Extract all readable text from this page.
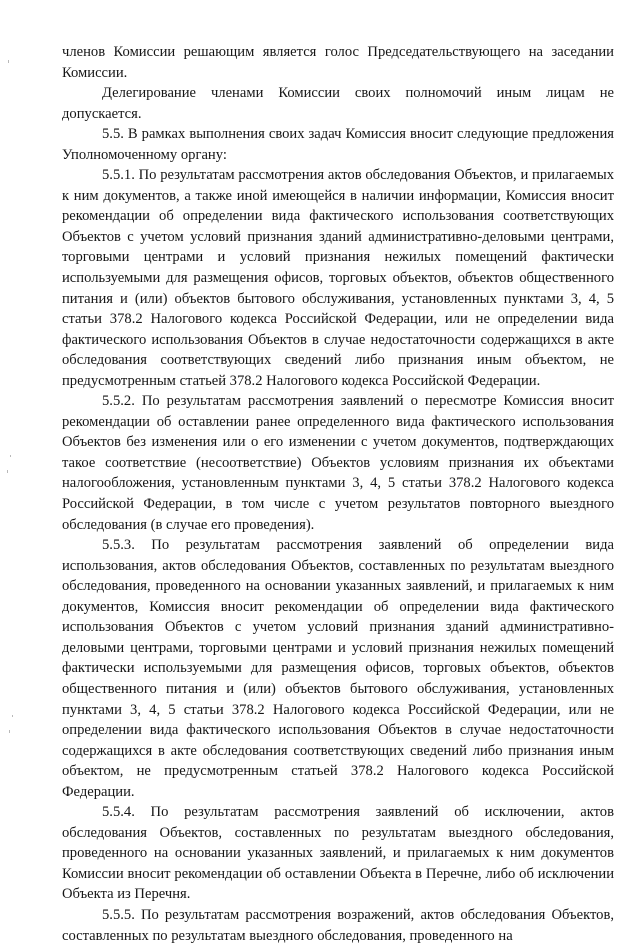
членов Комиссии решающим является голос Председательствующего на заседании Комиссии.

Делегирование членами Комиссии своих полномочий иным лицам не допускается.

5.5. В рамках выполнения своих задач Комиссия вносит следующие предложения Уполномоченному органу:

5.5.1. По результатам рассмотрения актов обследования Объектов, и прилагаемых к ним документов, а также иной имеющейся в наличии информации, Комиссия вносит рекомендации об определении вида фактического использования соответствующих Объектов с учетом условий признания зданий административно-деловыми центрами, торговыми центрами и условий признания нежилых помещений фактически используемыми для размещения офисов, торговых объектов, объектов общественного питания и (или) объектов бытового обслуживания, установленных пунктами 3, 4, 5 статьи 378.2 Налогового кодекса Российской Федерации, или не определении вида фактического использования Объектов в случае недостаточности содержащихся в акте обследования соответствующих сведений либо признания иным объектом, не предусмотренным статьей 378.2 Налогового кодекса Российской Федерации.

5.5.2. По результатам рассмотрения заявлений о пересмотре Комиссия вносит рекомендации об оставлении ранее определенного вида фактического использования Объектов без изменения или о его изменении с учетом документов, подтверждающих такое соответствие (несоответствие) Объектов условиям признания их объектами налогообложения, установленным пунктами 3, 4, 5 статьи 378.2 Налогового кодекса Российской Федерации, в том числе с учетом результатов повторного выездного обследования (в случае его проведения).

5.5.3. По результатам рассмотрения заявлений об определении вида использования, актов обследования Объектов, составленных по результатам выездного обследования, проведенного на основании указанных заявлений, и прилагаемых к ним документов, Комиссия вносит рекомендации об определении вида фактического использования Объектов с учетом условий признания зданий административно-деловыми центрами, торговыми центрами и условий признания нежилых помещений фактически используемыми для размещения офисов, торговых объектов, объектов общественного питания и (или) объектов бытового обслуживания, установленных пунктами 3, 4, 5 статьи 378.2 Налогового кодекса Российской Федерации, или не определении вида фактического использования Объектов в случае недостаточности содержащихся в акте обследования соответствующих сведений либо признания иным объектом, не предусмотренным статьей 378.2 Налогового кодекса Российской Федерации.

5.5.4. По результатам рассмотрения заявлений об исключении, актов обследования Объектов, составленных по результатам выездного обследования, проведенного на основании указанных заявлений, и прилагаемых к ним документов Комиссии вносит рекомендации об оставлении Объекта в Перечне, либо об исключении Объекта из Перечня.

5.5.5. По результатам рассмотрения возражений, актов обследования Объектов, составленных по результатам выездного обследования, проведенного на
